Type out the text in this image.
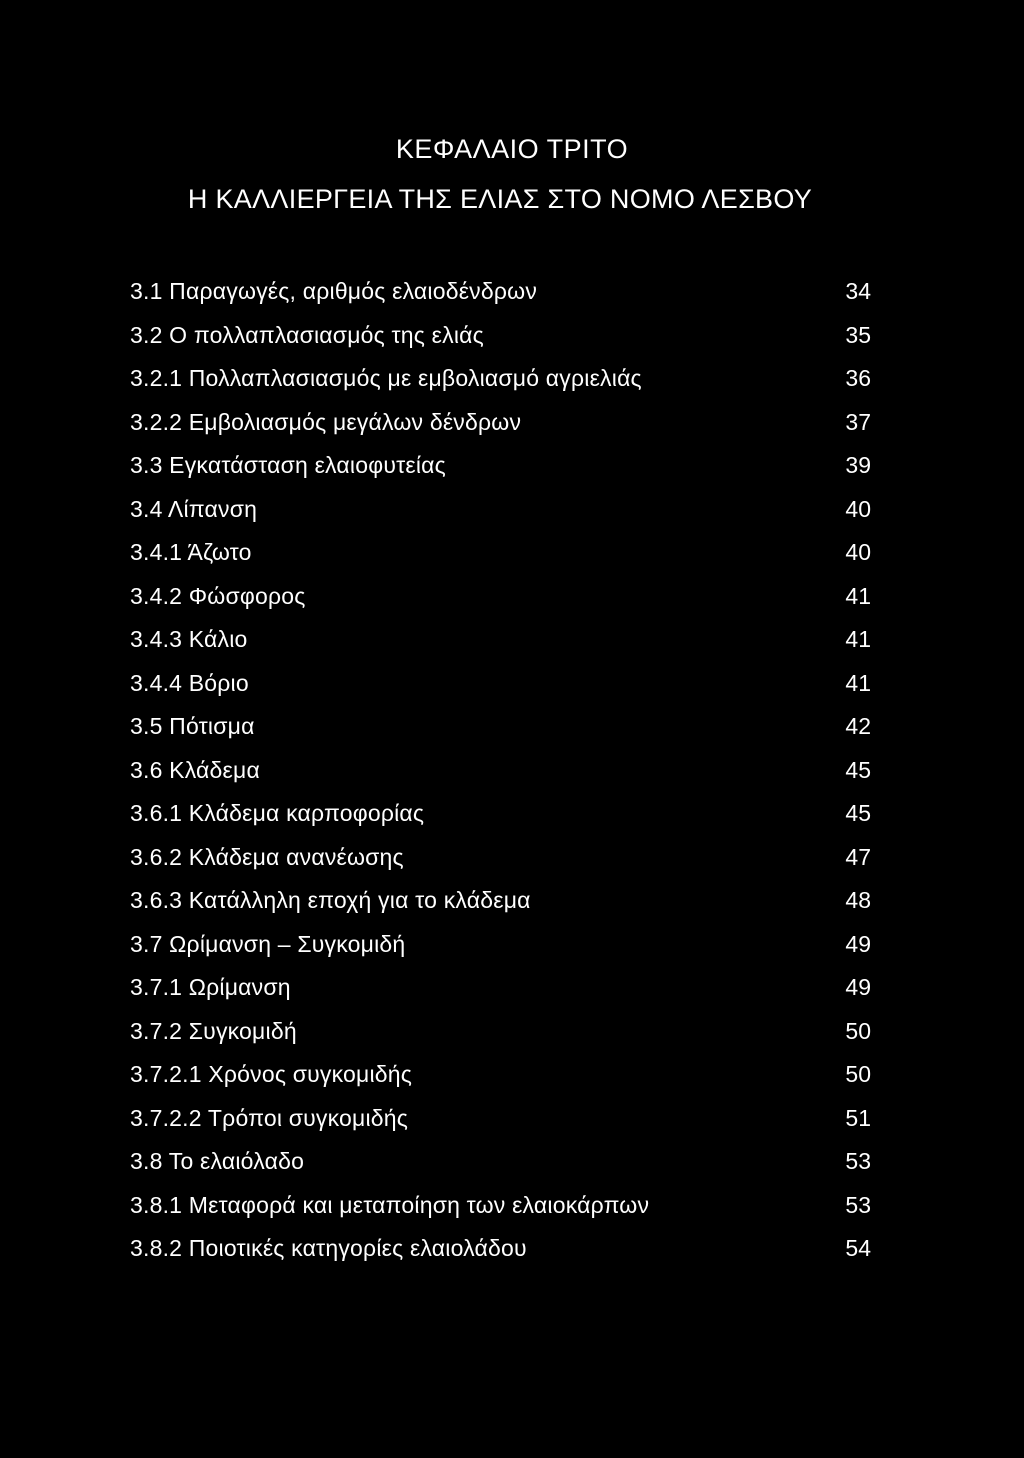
ΚΕΦΑΛΑΙΟ ΤΡΙΤΟ
Η ΚΑΛΛΙΕΡΓΕΙΑ ΤΗΣ ΕΛΙΑΣ ΣΤΟ ΝΟΜΟ ΛΕΣΒΟΥ
3.1 Παραγωγές, αριθμός ελαιοδένδρων	34
3.2 Ο πολλαπλασιασμός της ελιάς	35
3.2.1 Πολλαπλασιασμός με εμβολιασμό αγριελιάς	36
3.2.2 Εμβολιασμός μεγάλων δένδρων	37
3.3 Εγκατάσταση ελαιοφυτείας	39
3.4 Λίπανση	40
3.4.1 Άζωτο	40
3.4.2 Φώσφορος	41
3.4.3 Κάλιο	41
3.4.4 Βόριο	41
3.5 Πότισμα	42
3.6 Κλάδεμα	45
3.6.1 Κλάδεμα καρποφορίας	45
3.6.2 Κλάδεμα ανανέωσης	47
3.6.3 Κατάλληλη εποχή για το κλάδεμα	48
3.7 Ωρίμανση – Συγκομιδή	49
3.7.1 Ωρίμανση	49
3.7.2 Συγκομιδή	50
3.7.2.1 Χρόνος συγκομιδής	50
3.7.2.2 Τρόποι συγκομιδής	51
3.8 Το ελαιόλαδο	53
3.8.1 Μεταφορά και μεταποίηση των ελαιοκάρπων	53
3.8.2 Ποιοτικές κατηγορίες ελαιολάδου	54
